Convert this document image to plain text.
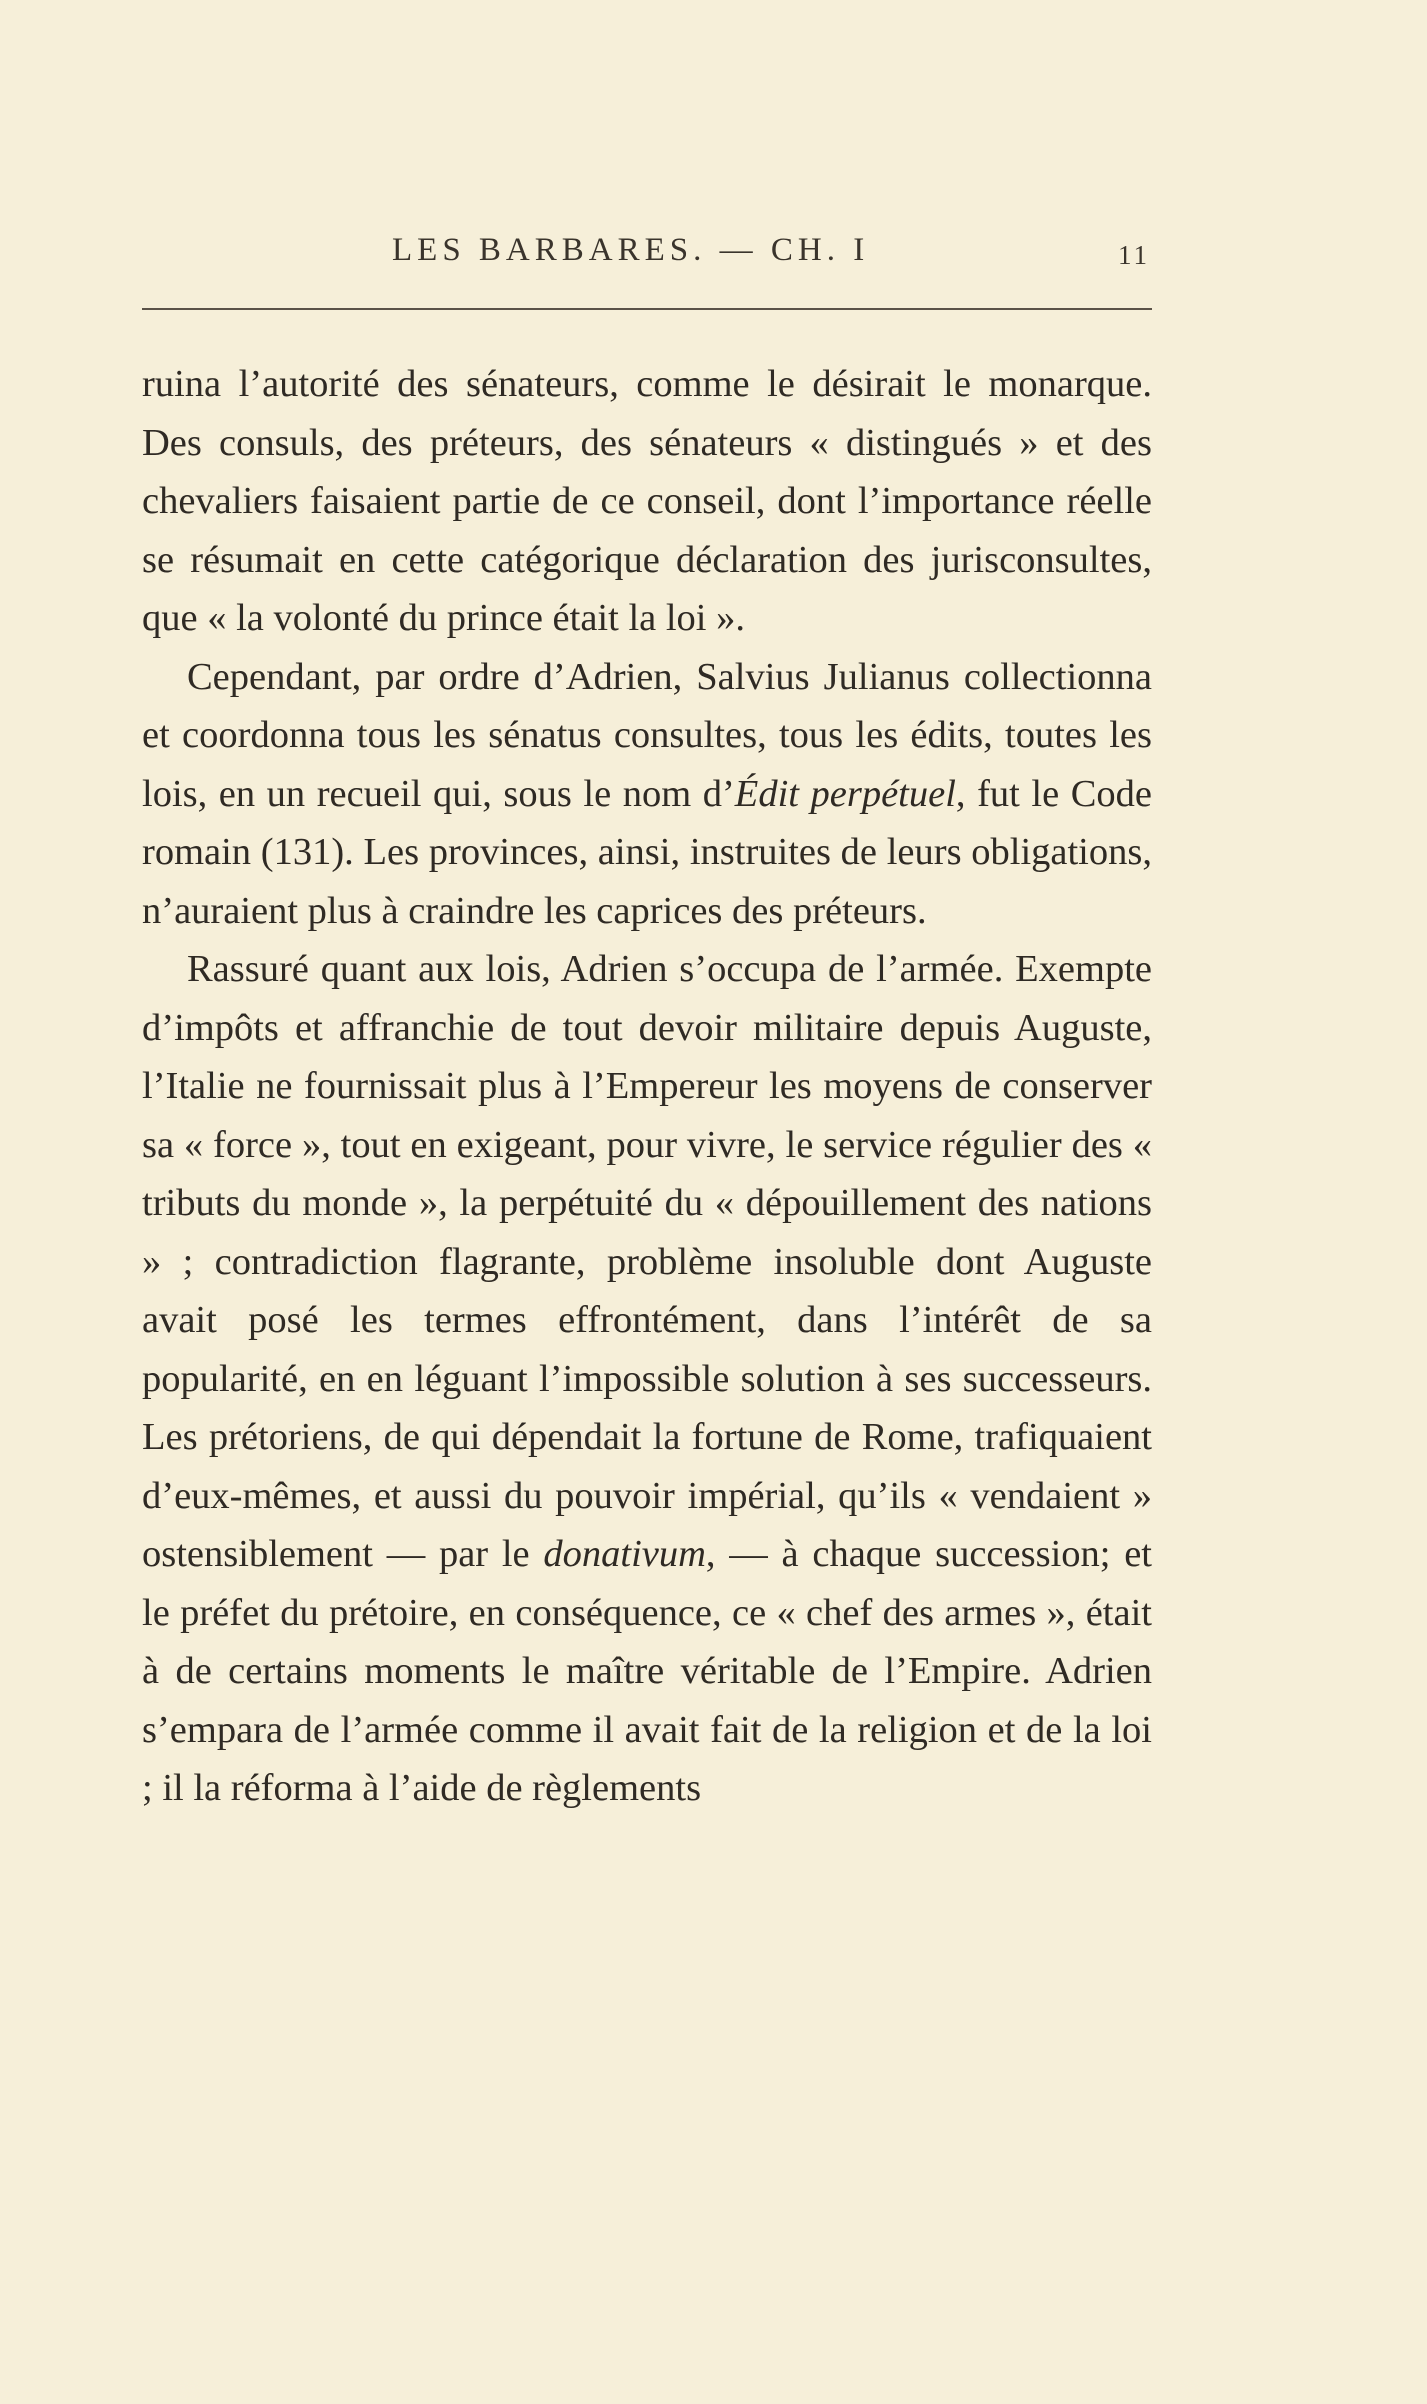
LES BARBARES. — CH. I	11

ruina l’autorité des sénateurs, comme le désirait le monarque. Des consuls, des préteurs, des sénateurs « distingués » et des chevaliers faisaient partie de ce conseil, dont l’importance réelle se résumait en cette catégorique déclaration des jurisconsultes, que « la volonté du prince était la loi ».

Cependant, par ordre d’Adrien, Salvius Julianus collectionna et coordonna tous les sénatus consultes, tous les édits, toutes les lois, en un recueil qui, sous le nom d’Édit perpétuel, fut le Code romain (131). Les provinces, ainsi, instruites de leurs obligations, n’auraient plus à craindre les caprices des préteurs.

Rassuré quant aux lois, Adrien s’occupa de l’armée. Exempte d’impôts et affranchie de tout devoir militaire depuis Auguste, l’Italie ne fournissait plus à l’Empereur les moyens de conserver sa « force », tout en exigeant, pour vivre, le service régulier des « tributs du monde », la perpétuité du « dépouillement des nations » ; contradiction flagrante, problème insoluble dont Auguste avait posé les termes effrontément, dans l’intérêt de sa popularité, en en léguant l’impossible solution à ses successeurs. Les prétoriens, de qui dépendait la fortune de Rome, trafiquaient d’eux-mêmes, et aussi du pouvoir impérial, qu’ils « vendaient » ostensiblement — par le donativum, — à chaque succession; et le préfet du prétoire, en conséquence, ce « chef des armes », était à de certains moments le maître véritable de l’Empire. Adrien s’empara de l’armée comme il avait fait de la religion et de la loi ; il la réforma à l’aide de règlements
